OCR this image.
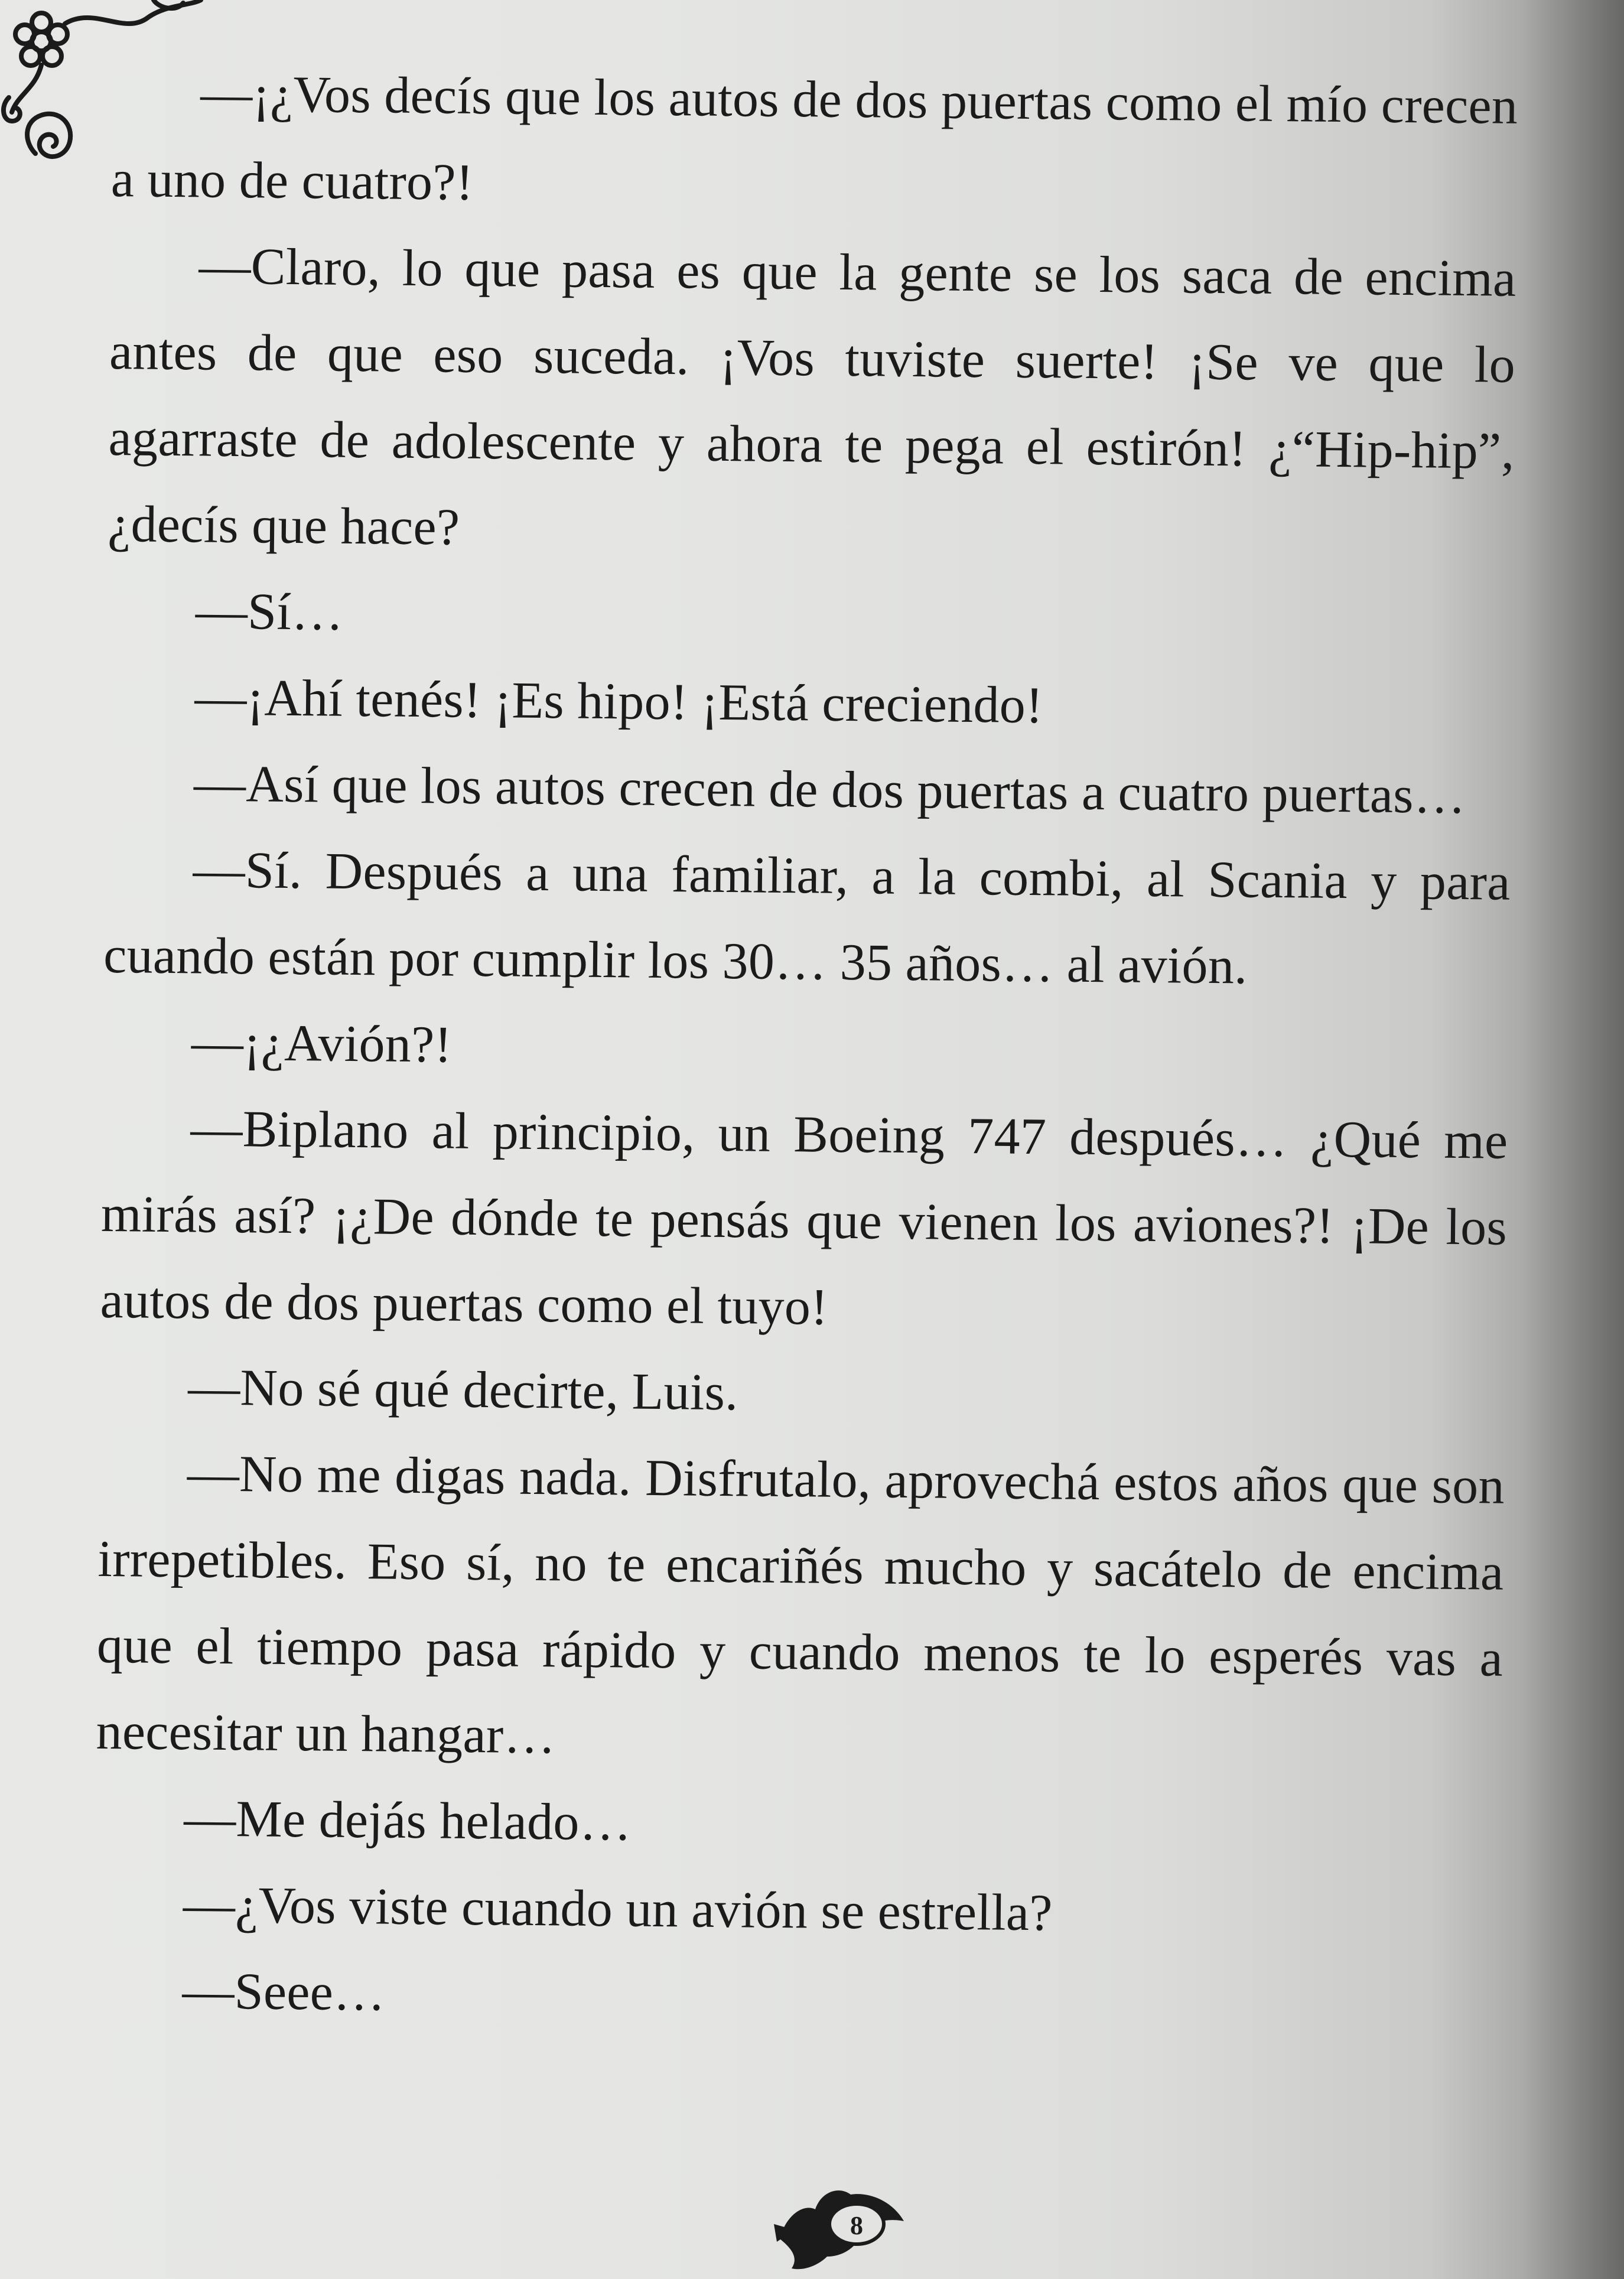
—¡¿Vos decís que los autos de dos puertas como el mío crecen a uno de cuatro?!

—Claro, lo que pasa es que la gente se los saca de encima antes de que eso suceda. ¡Vos tuviste suerte! ¡Se ve que lo agarraste de adolescente y ahora te pega el estirón! ¿“Hip-hip”, ¿decís que hace?

—Sí…

—¡Ahí tenés! ¡Es hipo! ¡Está creciendo!

—Así que los autos crecen de dos puertas a cuatro puertas…

—Sí. Después a una familiar, a la combi, al Scania y para cuando están por cumplir los 30… 35 años… al avión.

—¡¿Avión?!

—Biplano al principio, un Boeing 747 después… ¿Qué me mirás así? ¡¿De dónde te pensás que vienen los aviones?! ¡De los autos de dos puertas como el tuyo!

—No sé qué decirte, Luis.

—No me digas nada. Disfrutalo, aprovechá estos años que son irrepetibles. Eso sí, no te encariñés mucho y sacátelo de encima que el tiempo pasa rápido y cuando menos te lo esperés vas a necesitar un hangar…

—Me dejás helado…

—¿Vos viste cuando un avión se estrella?

—Seee…

8
